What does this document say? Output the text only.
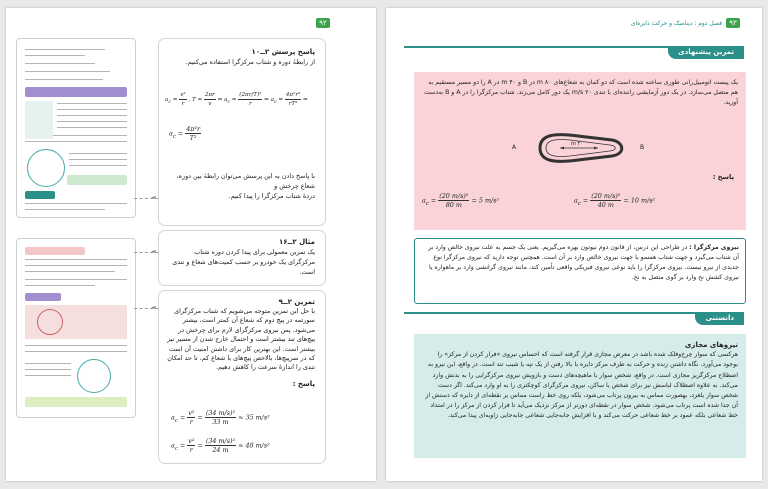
۹۲
◄
◄
◄

پاسخ پرسش ۲ــ۱۰

از رابطهٔ دوره و شتاب مرکزگرا استفاده می‌کنیم.

$a_c = \frac{\text{v²}}{r}$ , $T = \frac{2\pi r}{v}$ ⇒ $a_c = \frac{\text{(2πr/T)²}}{r}$ ⇒ $a_c = \frac{\text{4π²r²}}{\text{rT²}}$ ⇒
$a_c = \frac{\text{4π²r}}{\text{T²}}$

با پاسخ دادن به این پرسش می‌توان رابطهٔ بین دوره، شعاع چرخش و

دردهٔ شتاب مرکزگرا را پیدا کنیم.

مثال ۲ــ۱۶

یک تمرین معمولی برای پیدا کردن دوره شتاب مرکزگرای یک خودرو بر حسب کمیت‌های شعاع و تندی است.

تمرین ۲ــ۹

با حل این تمرین متوجه می‌شویم که شتاب مرکزگرای سورتمه در پیچ دوم که شعاع آن کمتر است، بیشتر می‌شود. پس نیروی مرکزگرای لازم برای چرخش در پیچ‌های تند بیشتر است و احتمال خارج شدن از مسیر نیز بیشتر است. این بهترین کار برای داشتن امنیت آن است که در سرپیچ‌ها، بالاخص پیچ‌های با شعاع کم، تا حد امکان تندی را اندازهٔ سرعت را کاهش دهیم.

پاسخ :

$a_c = \frac{\text{v²}}{r} = \frac{\text{(34 m/s)²}}{33 m} \approx 35$ m/s²
$a_c = \frac{\text{v²}}{r} = \frac{\text{(34 m/s)²}}{24 m} \approx 48$ m/s²
فصل دوم : دینامیک و حرکت دایره‌ای	۹۳
تمرین پیشنهادی

یک پیست اتومبیل‌رانی طوری ساخته شده است که دو کمان به شعاع‌های ۸۰ m در B و ۴۰ m در A را دو مسیر مستقیم به هم متصل می‌سازد. در یک دور آزمایشی راننده‌ای با تندی ۲۰ m/s یک دور کامل می‌زند. شتاب مرکزگرا را در A و B به‌دست آورید.

A	B
۴۰ m
پاسخ :
$a_c = \frac{\text{(20 m/s)²}}{80 m} = 5$ m/s²	$a_c = \frac{\text{(20 m/s)²}}{40 m} = 10$ m/s²

نیروی مرکزگرا : در طراحی این درس، از قانون دوم نیوتون بهره می‌گیریم. یعنی یک جسم به علت نیروی خالص وارد بر آن شتاب می‌گیرد و جهت شتاب همسو با جهت نیروی خالص وارد بر آن است. همچنین توجه دارید که نیروی مرکزگرا نوع جدیدی از نیرو نیست. نیروی مرکزگرا را باید نوعی نیروی فیزیکی واقعی تأمین کند، مانند نیروی گرانشی وارد بر ماهواره یا نیروی کشش نخ وارد بر گوی متصل به نخ.

دانستنی

نیروهای مجازی

هرکسی که سوار چرخ‌وفلک شده باشد در معرض مجازی قرار گرفته است که احساس نیروی «فرار کردن از مرکز» را بوجود می‌آورد. نگاه داشتن زنده و حرکت به طرف مرکز دایره با بالا رفتن از یک تپه یا شیب تند است. در واقع، این نیرو به اصطلاح مرکزگریز مجازی است. در واقع، شخص سوار با ماهیچه‌های دست و بازویش نیروی مرکزگرایی را به بدنش وارد می‌کند. به علاوه اصطلاک لباسش نیز برای شخص یا ساکن، نیروی مرکزگرای کوچکتری را به او وارد می‌کند. اگر دست شخص سوار بلغزد، بهصورت مماس به بیرون پرتاب می‌شود، بلکه روی خط راست مماس بر نقطه‌ای از دایره که دستش از آن جدا شده است پرتاب می‌شود. شخص سوار در نقطه‌ای دورتر از مرکز نزدیک می‌آید تا فرار کردن از مرکز را در امتداد خط شعاعی بلکه عمود بر خط شعاعی حرکت می‌کند و با افزایش جابه‌جایی شعاعی جابه‌جایی زاویه‌ای پیدا می‌کند.
